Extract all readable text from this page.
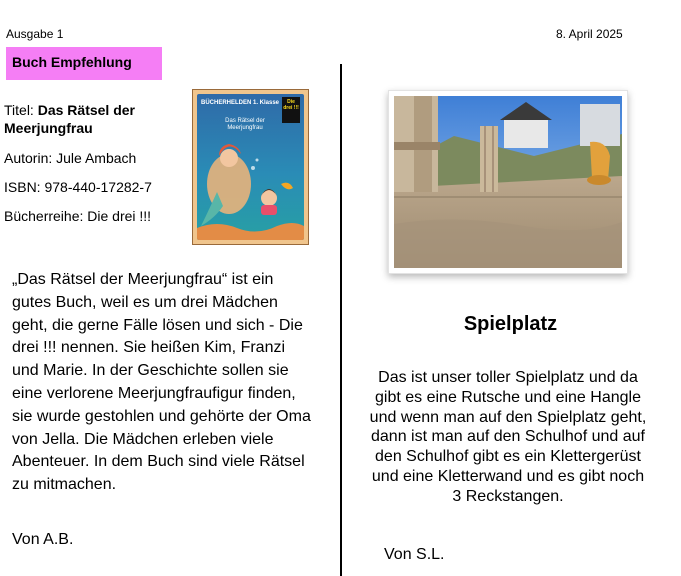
Ausgabe 1	8. April 2025
Buch Empfehlung
Titel: Das Rätsel der Meerjungfrau
Autorin: Jule Ambach
ISBN: 978-440-17282-7
Bücherreihe: Die drei !!!
BÜCHERHELDEN 1. Klasse
Das Rätsel der Meerjungfrau
Die drei !!!
„Das Rätsel der Meerjungfrau“ ist ein gutes Buch, weil es um drei Mädchen geht, die gerne Fälle lösen und sich - Die drei !!! nennen. Sie heißen Kim, Franzi und Marie. In der Geschichte sollen sie eine verlorene Meerjungfraufigur finden, sie wurde gestohlen und gehörte der Oma von Jella. Die Mädchen erleben viele Abenteuer. In dem Buch sind viele Rätsel zu mitmachen.
Von A.B.
Spielplatz
Das ist unser toller Spielplatz und da gibt es eine Rutsche und eine Hangle und wenn man auf den Spielplatz geht, dann ist man auf den Schulhof und auf den Schulhof gibt es ein Klettergerüst und eine Kletterwand und es gibt noch 3 Reckstangen.
Von S.L.
